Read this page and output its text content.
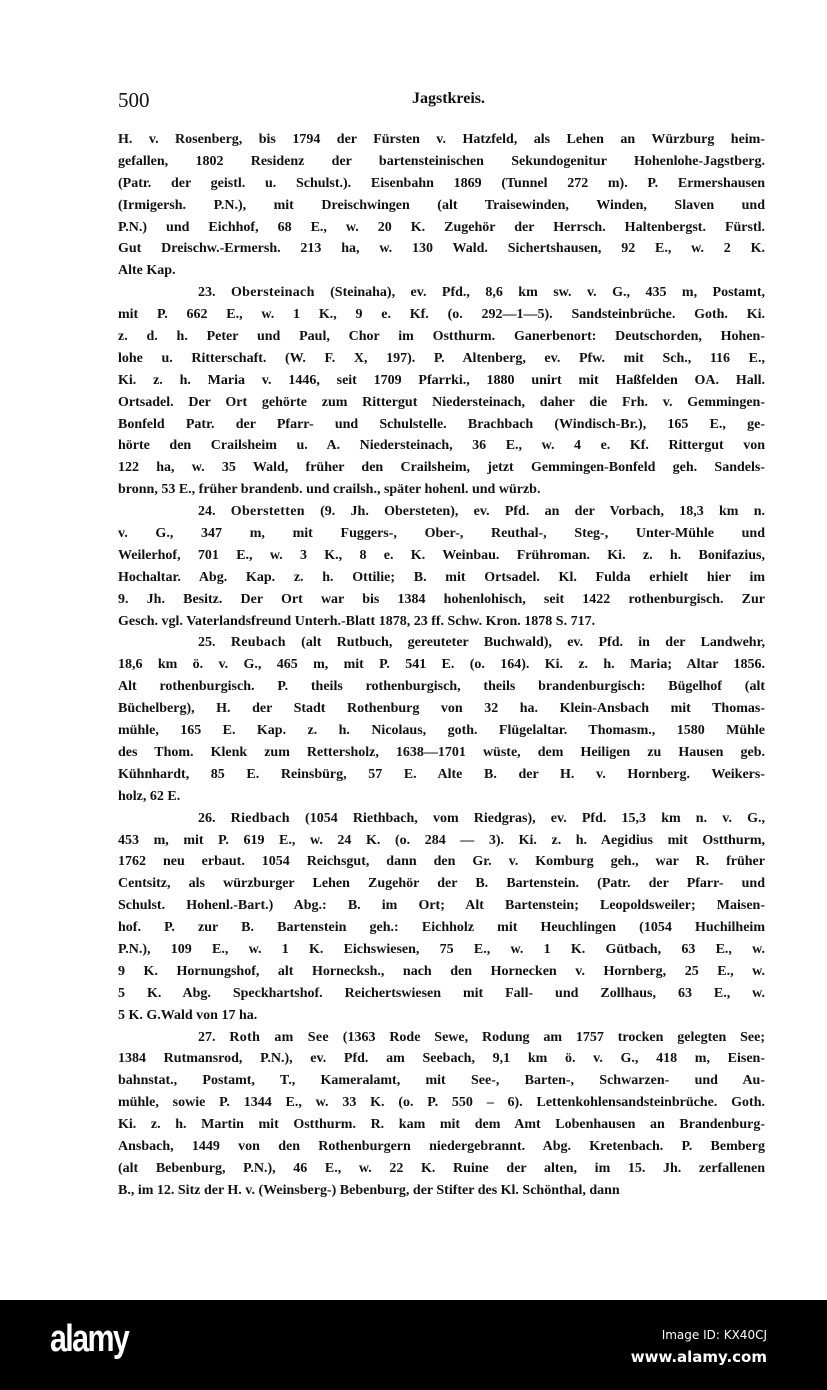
500	Jagstkreis.
H. v. Rosenberg, bis 1794 der Fürsten v. Hatzfeld, als Lehen an Würzburg heim-
gefallen, 1802 Residenz der bartensteinischen Sekundogenitur Hohenlohe-Jagstberg.
(Patr. der geistl. u. Schulst.). Eisenbahn 1869 (Tunnel 272 m). P. Ermershausen
(Irmigersh. P.N.), mit Dreischwingen (alt Traisewinden, Winden, Slaven und
P.N.) und Eichhof, 68 E., w. 20 K. Zugehör der Herrsch. Haltenbergst. Fürstl.
Gut Dreischw.-Ermersh. 213 ha, w. 130 Wald. Sichertshausen, 92 E., w. 2 K.
Alte Kap.
23. Obersteinach (Steinaha), ev. Pfd., 8,6 km sw. v. G., 435 m, Postamt,
mit P. 662 E., w. 1 K., 9 e. Kf. (o. 292—1—5). Sandsteinbrüche. Goth. Ki.
z. d. h. Peter und Paul, Chor im Ostthurm. Ganerbenort: Deutschorden, Hohen-
lohe u. Ritterschaft. (W. F. X, 197). P. Altenberg, ev. Pfw. mit Sch., 116 E.,
Ki. z. h. Maria v. 1446, seit 1709 Pfarrki., 1880 unirt mit Haßfelden OA. Hall.
Ortsadel. Der Ort gehörte zum Rittergut Niedersteinach, daher die Frh. v. Gemmingen-
Bonfeld Patr. der Pfarr- und Schulstelle. Brachbach (Windisch-Br.), 165 E., ge-
hörte den Crailsheim u. A. Niedersteinach, 36 E., w. 4 e. Kf. Rittergut von
122 ha, w. 35 Wald, früher den Crailsheim, jetzt Gemmingen-Bonfeld geh. Sandels-
bronn, 53 E., früher brandenb. und crailsh., später hohenl. und würzb.
24. Oberstetten (9. Jh. Obersteten), ev. Pfd. an der Vorbach, 18,3 km n.
v. G., 347 m, mit Fuggers-, Ober-, Reuthal-, Steg-, Unter-Mühle und
Weilerhof, 701 E., w. 3 K., 8 e. K. Weinbau. Frühroman. Ki. z. h. Bonifazius,
Hochaltar. Abg. Kap. z. h. Ottilie; B. mit Ortsadel. Kl. Fulda erhielt hier im
9. Jh. Besitz. Der Ort war bis 1384 hohenlohisch, seit 1422 rothenburgisch. Zur
Gesch. vgl. Vaterlandsfreund Unterh.-Blatt 1878, 23 ff. Schw. Kron. 1878 S. 717.
25. Reubach (alt Rutbuch, gereuteter Buchwald), ev. Pfd. in der Landwehr,
18,6 km ö. v. G., 465 m, mit P. 541 E. (o. 164). Ki. z. h. Maria; Altar 1856.
Alt rothenburgisch. P. theils rothenburgisch, theils brandenburgisch: Bügelhof (alt
Büchelberg), H. der Stadt Rothenburg von 32 ha. Klein-Ansbach mit Thomas-
mühle, 165 E. Kap. z. h. Nicolaus, goth. Flügelaltar. Thomasm., 1580 Mühle
des Thom. Klenk zum Rettersholz, 1638—1701 wüste, dem Heiligen zu Hausen geb.
Kühnhardt, 85 E. Reinsbürg, 57 E. Alte B. der H. v. Hornberg. Weikers-
holz, 62 E.
26. Riedbach (1054 Riethbach, vom Riedgras), ev. Pfd. 15,3 km n. v. G.,
453 m, mit P. 619 E., w. 24 K. (o. 284 — 3). Ki. z. h. Aegidius mit Ostthurm,
1762 neu erbaut. 1054 Reichsgut, dann den Gr. v. Komburg geh., war R. früher
Centsitz, als würzburger Lehen Zugehör der B. Bartenstein. (Patr. der Pfarr- und
Schulst. Hohenl.-Bart.) Abg.: B. im Ort; Alt Bartenstein; Leopoldsweiler; Maisen-
hof. P. zur B. Bartenstein geh.: Eichholz mit Heuchlingen (1054 Huchilheim
P.N.), 109 E., w. 1 K. Eichswiesen, 75 E., w. 1 K. Gütbach, 63 E., w.
9 K. Hornungshof, alt Hornecksh., nach den Hornecken v. Hornberg, 25 E., w.
5 K. Abg. Speckhartshof. Reichertswiesen mit Fall- und Zollhaus, 63 E., w.
5 K. G.Wald von 17 ha.
27. Roth am See (1363 Rode Sewe, Rodung am 1757 trocken gelegten See;
1384 Rutmansrod, P.N.), ev. Pfd. am Seebach, 9,1 km ö. v. G., 418 m, Eisen-
bahnstat., Postamt, T., Kameralamt, mit See-, Barten-, Schwarzen- und Au-
mühle, sowie P. 1344 E., w. 33 K. (o. P. 550 – 6). Lettenkohlensandsteinbrüche. Goth.
Ki. z. h. Martin mit Ostthurm. R. kam mit dem Amt Lobenhausen an Brandenburg-
Ansbach, 1449 von den Rothenburgern niedergebrannt. Abg. Kretenbach. P. Bemberg
(alt Bebenburg, P.N.), 46 E., w. 22 K. Ruine der alten, im 15. Jh. zerfallenen
B., im 12. Sitz der H. v. (Weinsberg-) Bebenburg, der Stifter des Kl. Schönthal, dann
alamy	Image ID: KX40CJ
www.alamy.com
